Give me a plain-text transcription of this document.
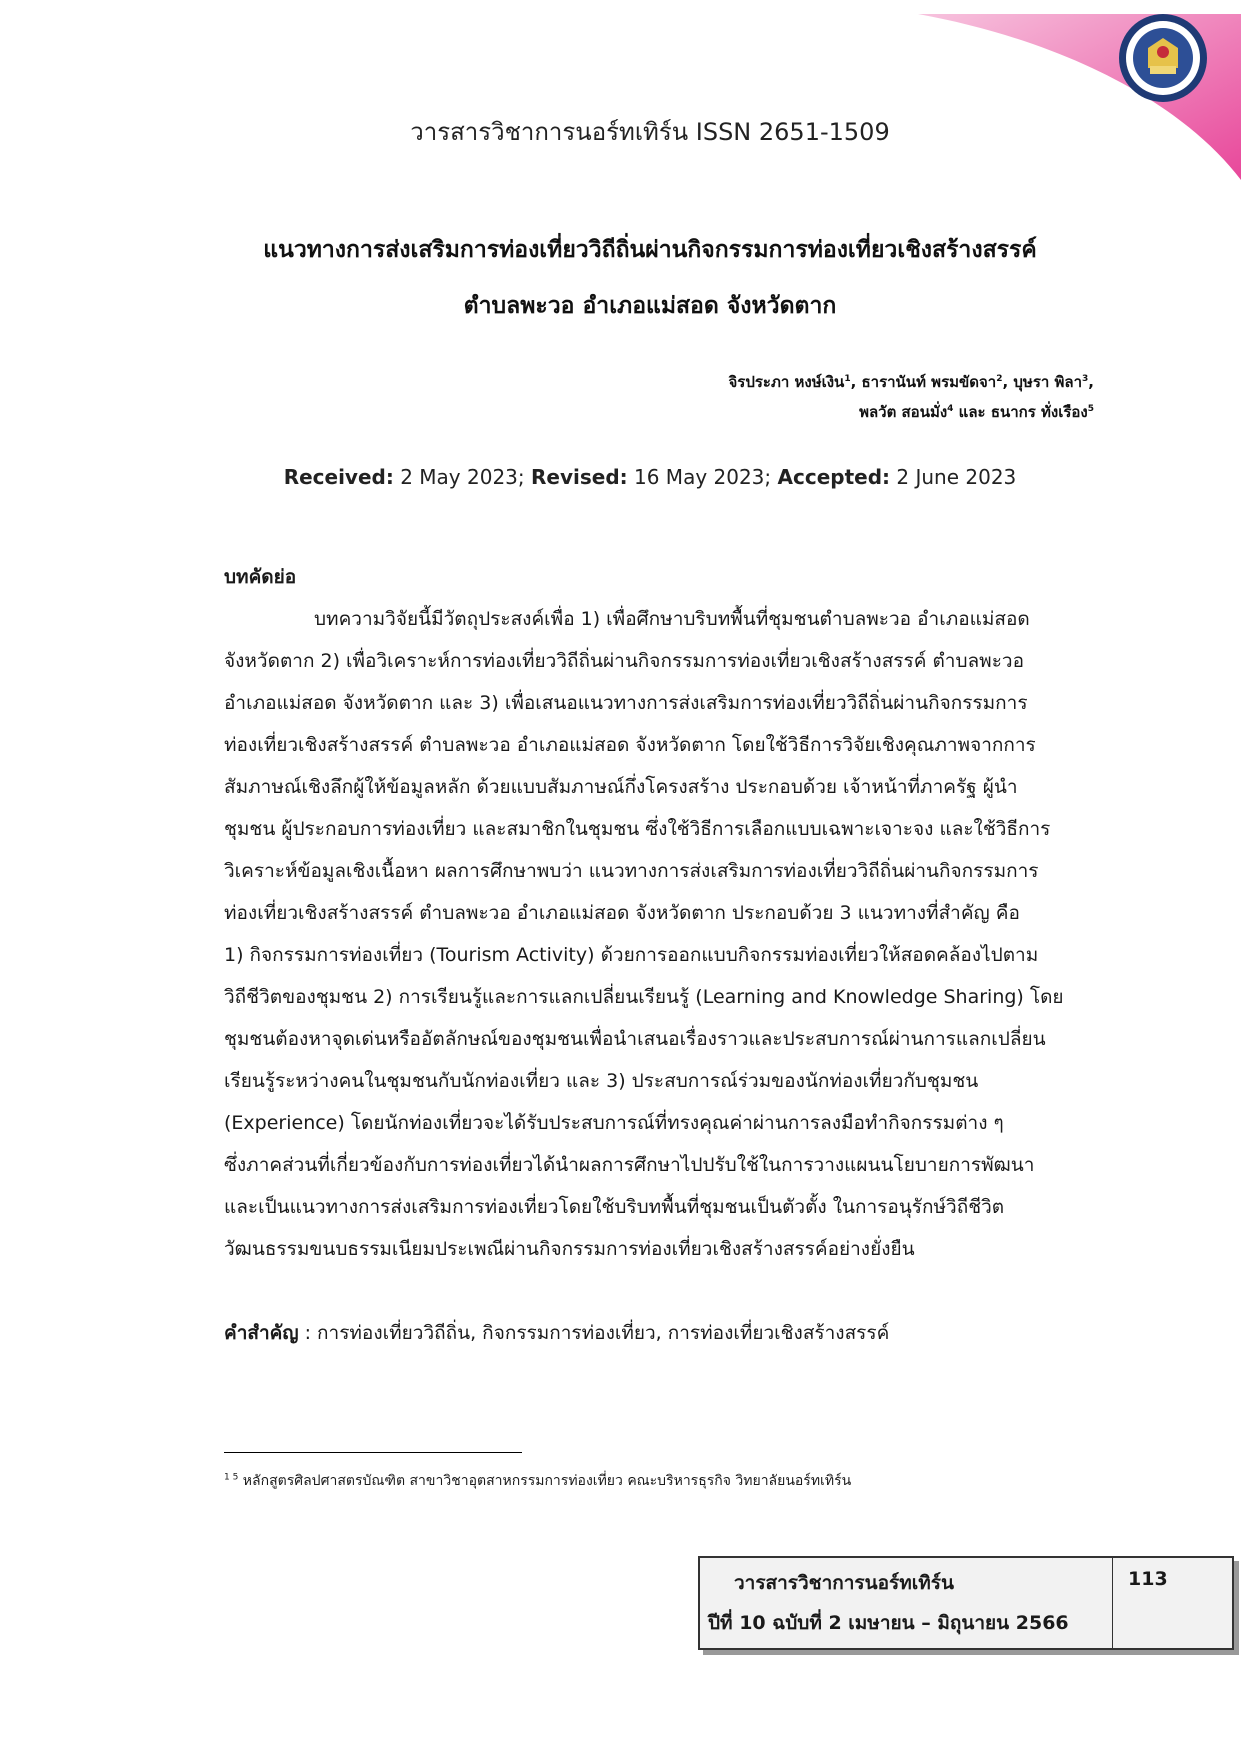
วารสารวิชาการนอร์ทเทิร์น ISSN 2651-1509
แนวทางการส่งเสริมการท่องเที่ยววิถีถิ่นผ่านกิจกรรมการท่องเที่ยวเชิงสร้างสรรค์
ตำบลพะวอ อำเภอแม่สอด จังหวัดตาก
จิรประภา หงษ์เงิน$^1$, ธารานันท์ พรมขัดจา$^2$, บุษรา พิลา$^3$,
พลวัต สอนมั่ง$^4$ และ ธนากร ทั่งเรือง$^5$
Received: 2 May 2023; Revised: 16 May 2023; Accepted: 2 June 2023
บทคัดย่อ
บทความวิจัยนี้มีวัตถุประสงค์เพื่อ 1) เพื่อศึกษาบริบทพื้นที่ชุมชนตำบลพะวอ อำเภอแม่สอด
จังหวัดตาก 2) เพื่อวิเคราะห์การท่องเที่ยววิถีถิ่นผ่านกิจกรรมการท่องเที่ยวเชิงสร้างสรรค์ ตำบลพะวอ
อำเภอแม่สอด จังหวัดตาก และ 3) เพื่อเสนอแนวทางการส่งเสริมการท่องเที่ยววิถีถิ่นผ่านกิจกรรมการ
ท่องเที่ยวเชิงสร้างสรรค์ ตำบลพะวอ อำเภอแม่สอด จังหวัดตาก โดยใช้วิธีการวิจัยเชิงคุณภาพจากการ
สัมภาษณ์เชิงลึกผู้ให้ข้อมูลหลัก ด้วยแบบสัมภาษณ์กึ่งโครงสร้าง ประกอบด้วย เจ้าหน้าที่ภาครัฐ ผู้นำ
ชุมชน ผู้ประกอบการท่องเที่ยว และสมาชิกในชุมชน ซึ่งใช้วิธีการเลือกแบบเฉพาะเจาะจง และใช้วิธีการ
วิเคราะห์ข้อมูลเชิงเนื้อหา ผลการศึกษาพบว่า แนวทางการส่งเสริมการท่องเที่ยววิถีถิ่นผ่านกิจกรรมการ
ท่องเที่ยวเชิงสร้างสรรค์ ตำบลพะวอ อำเภอแม่สอด จังหวัดตาก ประกอบด้วย 3 แนวทางที่สำคัญ คือ
1) กิจกรรมการท่องเที่ยว (Tourism Activity) ด้วยการออกแบบกิจกรรมท่องเที่ยวให้สอดคล้องไปตาม
วิถีชีวิตของชุมชน 2) การเรียนรู้และการแลกเปลี่ยนเรียนรู้ (Learning and Knowledge Sharing) โดย
ชุมชนต้องหาจุดเด่นหรืออัตลักษณ์ของชุมชนเพื่อนำเสนอเรื่องราวและประสบการณ์ผ่านการแลกเปลี่ยน
เรียนรู้ระหว่างคนในชุมชนกับนักท่องเที่ยว และ 3) ประสบการณ์ร่วมของนักท่องเที่ยวกับชุมชน
(Experience) โดยนักท่องเที่ยวจะได้รับประสบการณ์ที่ทรงคุณค่าผ่านการลงมือทำกิจกรรมต่าง ๆ
ซึ่งภาคส่วนที่เกี่ยวข้องกับการท่องเที่ยวได้นำผลการศึกษาไปปรับใช้ในการวางแผนนโยบายการพัฒนา
และเป็นแนวทางการส่งเสริมการท่องเที่ยวโดยใช้บริบทพื้นที่ชุมชนเป็นตัวตั้ง ในการอนุรักษ์วิถีชีวิต
วัฒนธรรมขนบธรรมเนียมประเพณีผ่านกิจกรรมการท่องเที่ยวเชิงสร้างสรรค์อย่างยั่งยืน
คำสำคัญ : การท่องเที่ยววิถีถิ่น, กิจกรรมการท่องเที่ยว, การท่องเที่ยวเชิงสร้างสรรค์
$^{1 5}$ หลักสูตรศิลปศาสตรบัณฑิต สาขาวิชาอุตสาหกรรมการท่องเที่ยว คณะบริหารธุรกิจ วิทยาลัยนอร์ทเทิร์น
วารสารวิชาการนอร์ทเทิร์น
ปีที่ 10 ฉบับที่ 2 เมษายน – มิถุนายน 2566
113
